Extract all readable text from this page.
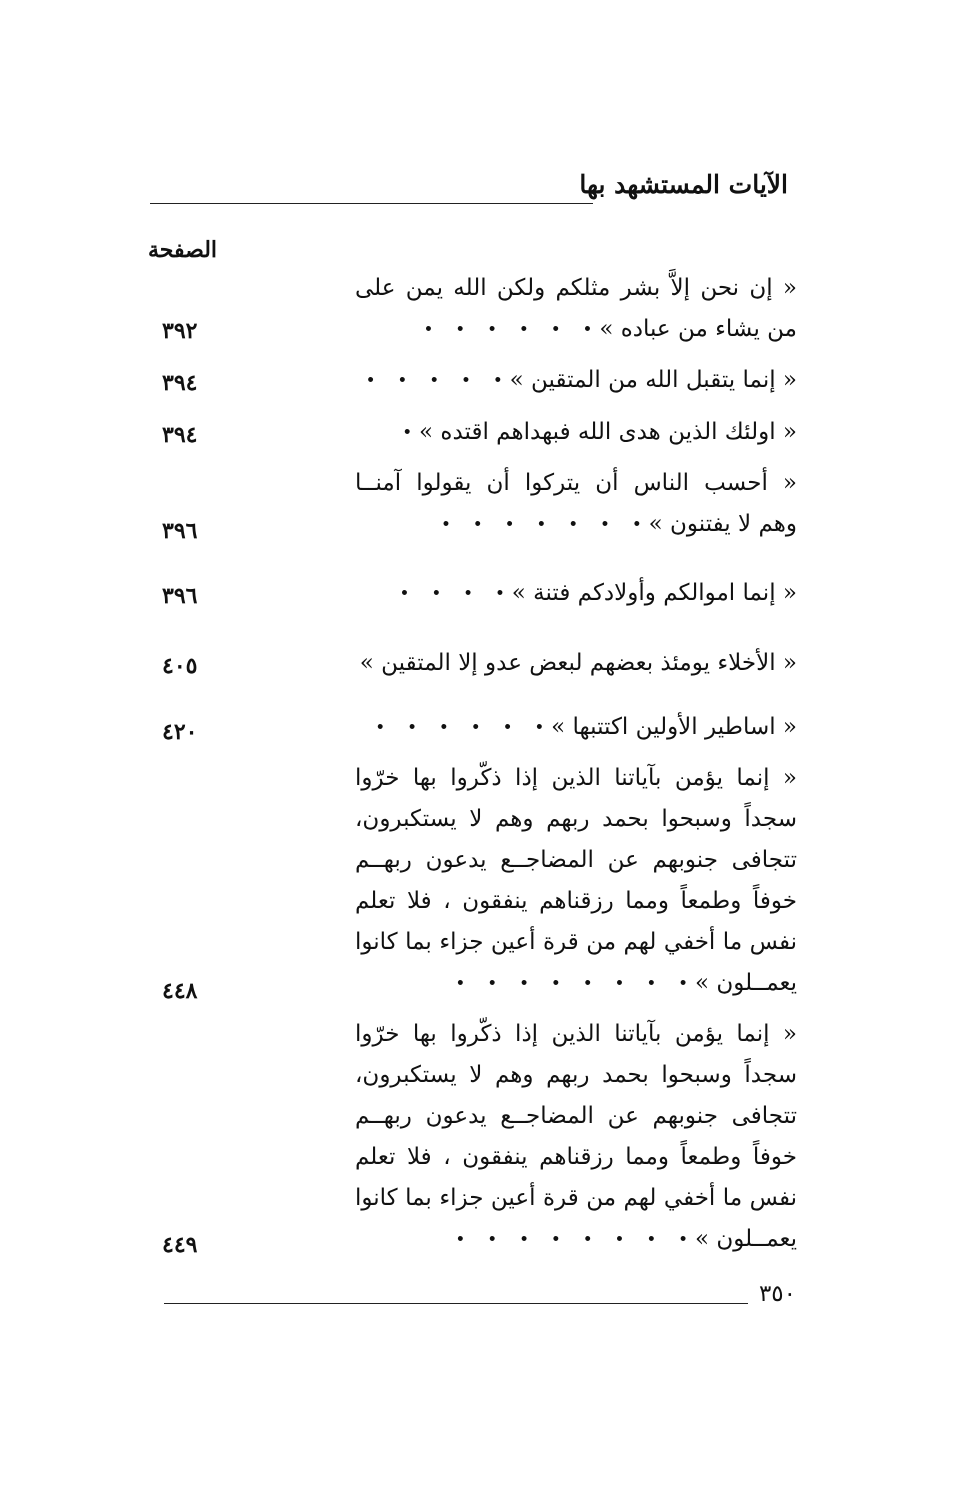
الآيات المستشهد بها
الصفحة
« إن نحن إلاَّ بشر مثلكم ولكن الله يمن على
من يشاء من عباده » • • • • • •
٣٩٢
« إنما يتقبل الله من المتقين » • • • • •
٣٩٤
« اولئك الذين هدى الله فبهداهم اقتده » •
٣٩٤
« أحسب الناس أن يتركوا أن يقولوا آمنــا
وهم لا يفتنون » • • • • • • •
٣٩٦
« إنما اموالكم وأولادكم فتنة » • • • •
٣٩٦
« الأخلاء يومئذ بعضهم لبعض عدو إلا المتقين »
٤٠٥
« اساطير الأولين اكتتبها » • • • • • •
٤٢٠
« إنما يؤمن بآياتنا الذين إذا ذكّروا بها خرّوا
سجداً وسبحوا بحمد ربهم وهم لا يستكبرون،
تتجافى جنوبهم عن المضاجــع يدعون ربهــم
خوفاً وطمعاً ومما رزقناهم ينفقون ، فلا تعلم
نفس ما أخفي لهم من قرة أعين جزاء بما كانوا
يعمــلون » • • • • • • • •
٤٤٨
« إنما يؤمن بآياتنا الذين إذا ذكّروا بها خرّوا
سجداً وسبحوا بحمد ربهم وهم لا يستكبرون،
تتجافى جنوبهم عن المضاجــع يدعون ربهــم
خوفاً وطمعاً ومما رزقناهم ينفقون ، فلا تعلم
نفس ما أخفي لهم من قرة أعين جزاء بما كانوا
يعمــلون » • • • • • • • •
٤٤٩
٣٥٠
